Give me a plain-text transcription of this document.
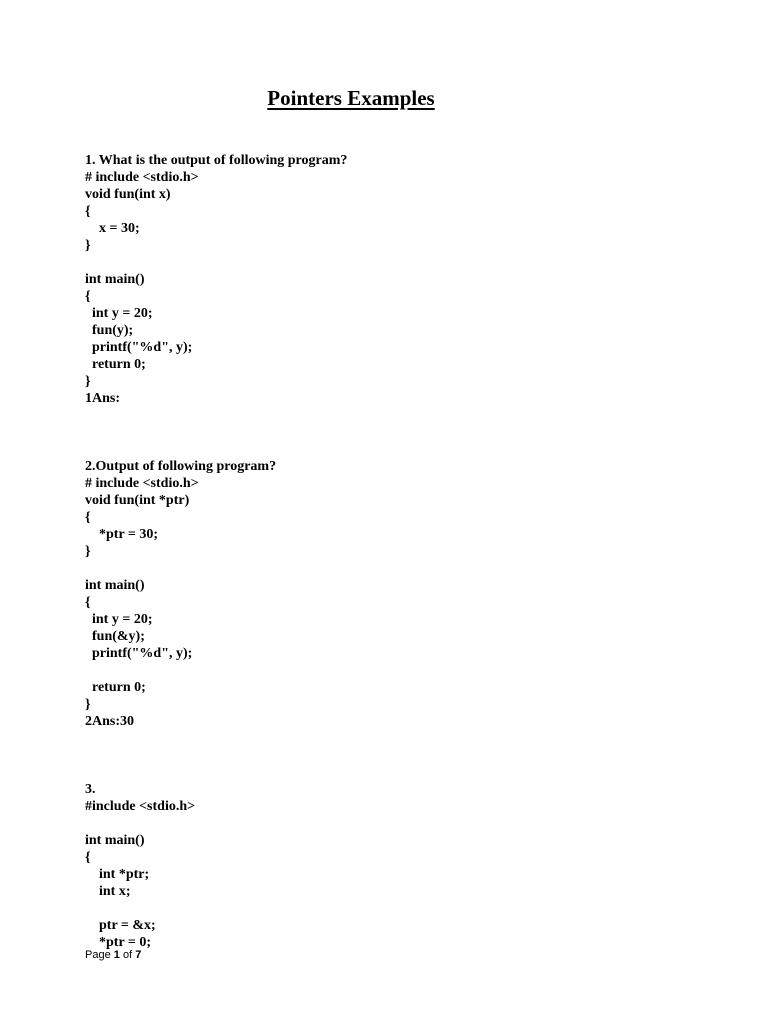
Pointers Examples
1. What is the output of following program?
# include <stdio.h>
void fun(int x)
{
x = 30;
}
int main()
{
int y = 20;
fun(y);
printf("%d", y);
return 0;
}
1Ans:
2.Output of following program?
# include <stdio.h>
void fun(int *ptr)
{
*ptr = 30;
}
int main()
{
int y = 20;
fun(&y);
printf("%d", y);
return 0;
}
2Ans:30
3.
#include <stdio.h>
int main()
{
int *ptr;
int x;
ptr = &x;
*ptr = 0;
Page 1 of 7
